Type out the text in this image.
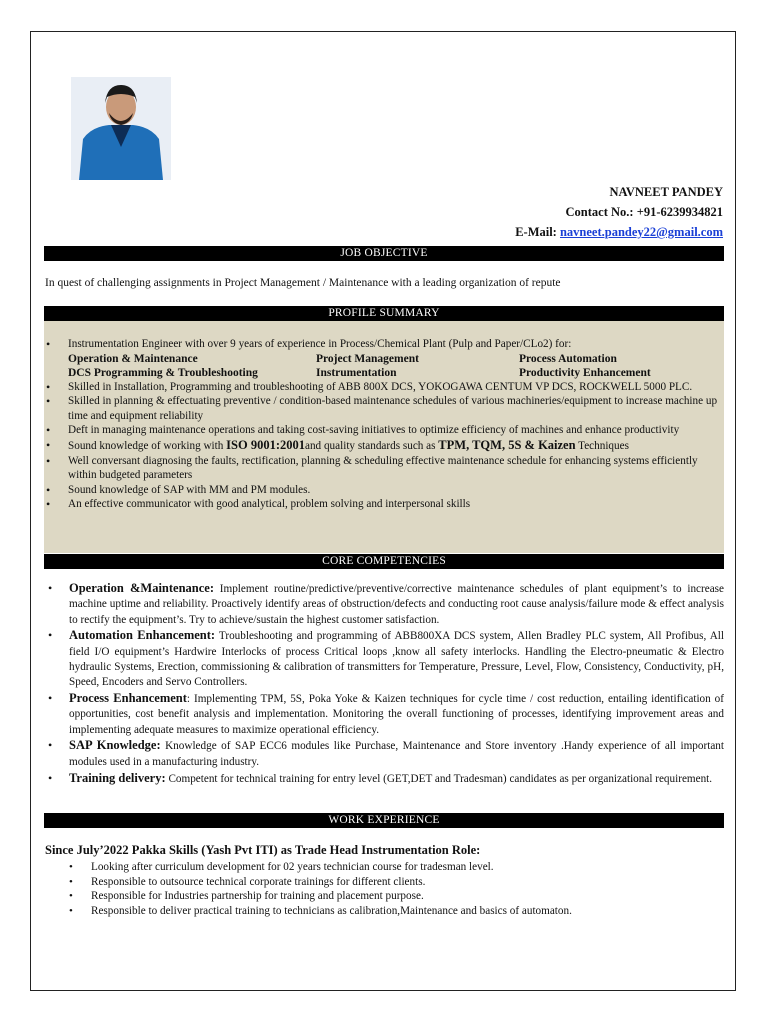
NAVNEET PANDEY
Contact No.: +91-6239934821
E-Mail: navneet.pandey22@gmail.com
JOB OBJECTIVE
In quest of challenging assignments in Project Management / Maintenance with a leading organization of repute
PROFILE SUMMARY
• Instrumentation Engineer with over 9 years of experience in Process/Chemical Plant (Pulp and Paper/CLo2) for:
Operation & Maintenance	Project Management	Process Automation
DCS Programming & Troubleshooting	Instrumentation	Productivity Enhancement
• Skilled in Installation, Programming and troubleshooting of ABB 800X DCS, YOKOGAWA CENTUM VP DCS, ROCKWELL 5000 PLC.
• Skilled in planning & effectuating preventive / condition-based maintenance schedules of various machineries/equipment to increase machine up time and equipment reliability
• Deft in managing maintenance operations and taking cost-saving initiatives to optimize efficiency of machines and enhance productivity
• Sound knowledge of working with ISO 9001:2001and quality standards such as TPM, TQM, 5S & Kaizen Techniques
• Well conversant diagnosing the faults, rectification, planning & scheduling effective maintenance schedule for enhancing systems efficiently within budgeted parameters
• Sound knowledge of SAP with MM and PM modules.
• An effective communicator with good analytical, problem solving and interpersonal skills
CORE COMPETENCIES
• Operation &Maintenance: Implement routine/predictive/preventive/corrective maintenance schedules of plant equipment’s to increase machine uptime and reliability. Proactively identify areas of obstruction/defects and conducting root cause analysis/failure mode & effect analysis to rectify the equipment’s. Try to achieve/sustain the highest customer satisfaction.
• Automation Enhancement: Troubleshooting and programming of ABB800XA DCS system, Allen Bradley PLC system, All Profibus, All field I/O equipment’s Hardwire Interlocks of process Critical loops ,know all safety interlocks. Handling the Electro-pneumatic & Electro hydraulic Systems, Erection, commissioning & calibration of transmitters for Temperature, Pressure, Level, Flow, Consistency, Conductivity, pH, Speed, Encoders and Servo Controllers.
• Process Enhancement: Implementing TPM, 5S, Poka Yoke & Kaizen techniques for cycle time / cost reduction, entailing identification of opportunities, cost benefit analysis and implementation. Monitoring the overall functioning of processes, identifying improvement areas and implementing adequate measures to maximize operational efficiency.
• SAP Knowledge: Knowledge of SAP ECC6 modules like Purchase, Maintenance and Store inventory .Handy experience of all important modules used in a manufacturing industry.
• Training delivery: Competent for technical training for entry level (GET,DET and Tradesman) candidates as per organizational requirement.
WORK EXPERIENCE
Since July’2022 Pakka Skills (Yash Pvt ITI) as Trade Head Instrumentation Role:
• Looking after curriculum development for 02 years technician course for tradesman level.
• Responsible to outsource technical corporate trainings for different clients.
• Responsible for Industries partnership for training and placement purpose.
• Responsible to deliver practical training to technicians as calibration,Maintenance and basics of automaton.
